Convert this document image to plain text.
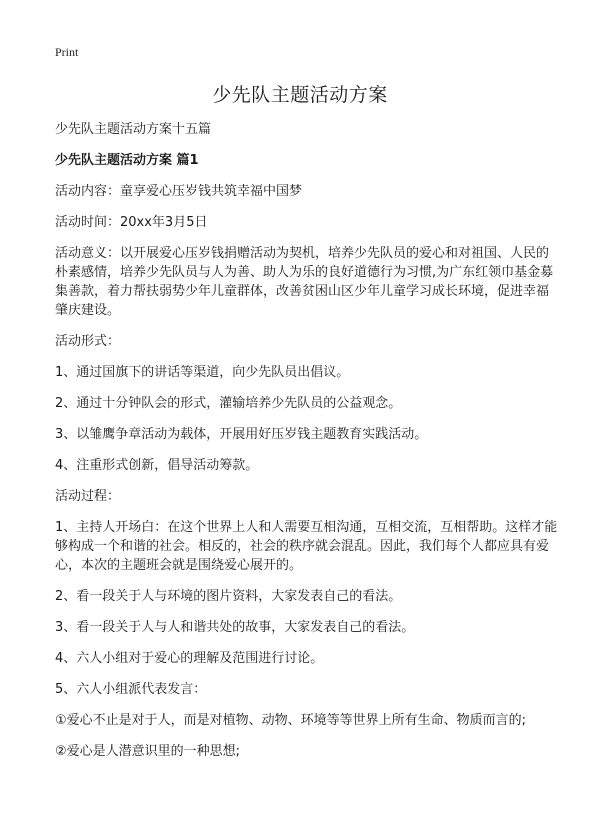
Print
少先队主题活动方案

少先队主题活动方案十五篇

少先队主题活动方案 篇1

活动内容：童享爱心压岁钱共筑幸福中国梦

活动时间：20xx年3月5日

活动意义：以开展爱心压岁钱捐赠活动为契机，培养少先队员的爱心和对祖国、人民的朴素感情，培养少先队员与人为善、助人为乐的良好道德行为习惯,为广东红领巾基金募集善款，着力帮扶弱势少年儿童群体，改善贫困山区少年儿童学习成长环境，促进幸福肇庆建设。

活动形式：

1、通过国旗下的讲话等渠道，向少先队员出倡议。

2、通过十分钟队会的形式，灌输培养少先队员的公益观念。

3、以雏鹰争章活动为载体，开展用好压岁钱主题教育实践活动。

4、注重形式创新，倡导活动筹款。

活动过程：

1、主持人开场白：在这个世界上人和人需要互相沟通，互相交流，互相帮助。这样才能够构成一个和谐的社会。相反的，社会的秩序就会混乱。因此，我们每个人都应具有爱心，本次的主题班会就是围绕爱心展开的。

2、看一段关于人与环境的图片资料，大家发表自己的看法。

3、看一段关于人与人和谐共处的故事，大家发表自己的看法。

4、六人小组对于爱心的理解及范围进行讨论。

5、六人小组派代表发言：

①爱心不止是对于人，而是对植物、动物、环境等等世界上所有生命、物质而言的;

②爱心是人潜意识里的一种思想;
